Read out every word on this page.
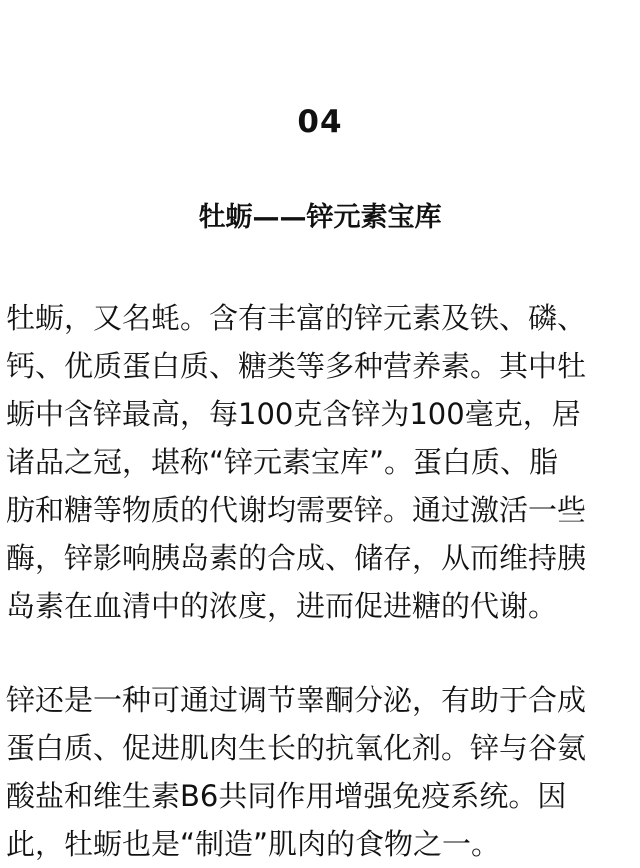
04
牡蛎——锌元素宝库

牡蛎，又名蚝。含有丰富的锌元素及铁、磷、
钙、优质蛋白质、糖类等多种营养素。其中牡
蛎中含锌最高，每100克含锌为100毫克，居
诸品之冠，堪称“锌元素宝库”。蛋白质、脂
肪和糖等物质的代谢均需要锌。通过激活一些
酶，锌影响胰岛素的合成、储存，从而维持胰
岛素在血清中的浓度，进而促进糖的代谢。

锌还是一种可通过调节睾酮分泌，有助于合成
蛋白质、促进肌肉生长的抗氧化剂。锌与谷氨
酸盐和维生素B6共同作用增强免疫系统。因
此，牡蛎也是“制造”肌肉的食物之一。
